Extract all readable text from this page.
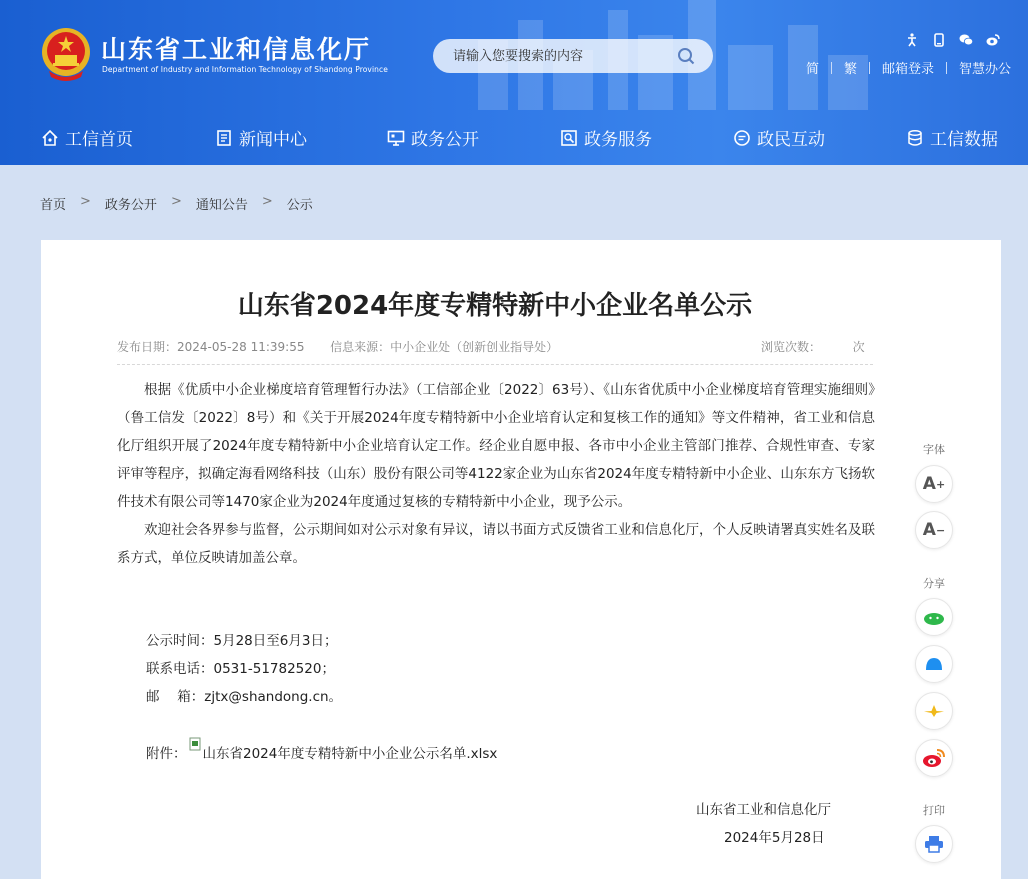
山东省工业和信息化厅
Department of Industry and Information Technology of Shandong Province
请输入您要搜索的内容	简 繁 邮箱登录 智慧办公
工信首页	新闻中心	政务公开	政务服务	政民互动	工信数据
首页 > 政务公开 > 通知公告 > 公示
山东省2024年度专精特新中小企业名单公示
发布日期：2024-05-28 11:39:55 信息来源：中小企业处（创新创业指导处）	浏览次数：	次

根据《优质中小企业梯度培育管理暂行办法》（工信部企业〔2022〕63号）、《山东省优质中小企业梯度培育管理实施细则》（鲁工信发〔2022〕8号）和《关于开展2024年度专精特新中小企业培育认定和复核工作的通知》等文件精神，省工业和信息化厅组织开展了2024年度专精特新中小企业培育认定工作。经企业自愿申报、各市中小企业主管部门推荐、合规性审查、专家评审等程序，拟确定海看网络科技（山东）股份有限公司等4122家企业为山东省2024年度专精特新中小企业、山东东方飞扬软件技术有限公司等1470家企业为2024年度通过复核的专精特新中小企业，现予公示。

欢迎社会各界参与监督，公示期间如对公示对象有异议，请以书面方式反馈省工业和信息化厅，个人反映请署真实姓名及联系方式，单位反映请加盖公章。

公示时间：5月28日至6月3日；
联系电话：0531-51782520；
邮　 箱：zjtx@shandong.cn。
附件： 山东省2024年度专精特新中小企业公示名单.xlsx
山东省工业和信息化厅
2024年5月28日
字体
A +
A −
分享
打印
